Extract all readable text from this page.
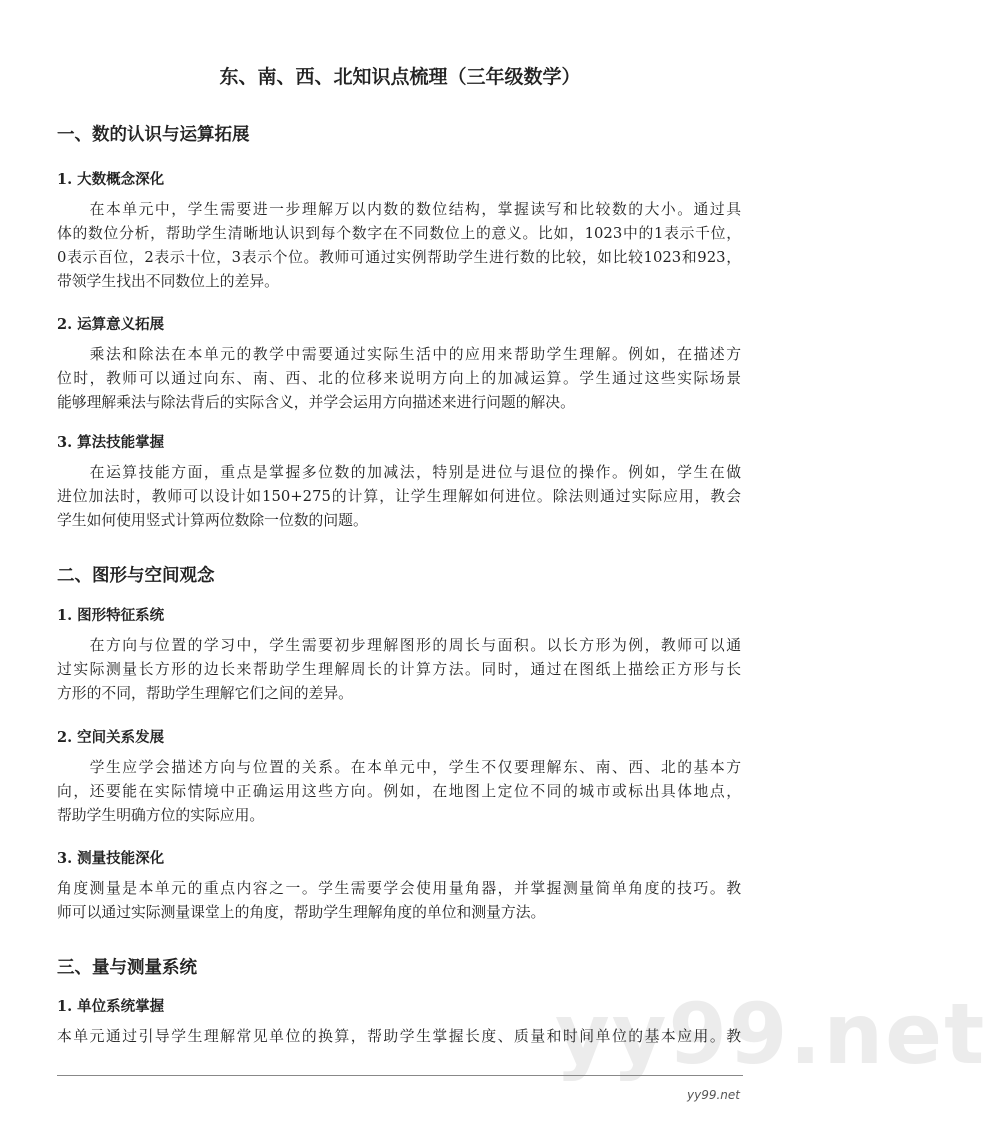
yy99.net
东、南、西、北知识点梳理（三年级数学）
一、数的认识与运算拓展
1. 大数概念深化
　　在本单元中，学生需要进一步理解万以内数的数位结构，掌握读写和比较数的大小。通过具
体的数位分析，帮助学生清晰地认识到每个数字在不同数位上的意义。比如，1023中的1表示千位，
0表示百位，2表示十位，3表示个位。教师可通过实例帮助学生进行数的比较，如比较1023和923，
带领学生找出不同数位上的差异。
2. 运算意义拓展
　　乘法和除法在本单元的教学中需要通过实际生活中的应用来帮助学生理解。例如，在描述方
位时，教师可以通过向东、南、西、北的位移来说明方向上的加减运算。学生通过这些实际场景
能够理解乘法与除法背后的实际含义，并学会运用方向描述来进行问题的解决。
3. 算法技能掌握
　　在运算技能方面，重点是掌握多位数的加减法，特别是进位与退位的操作。例如，学生在做
进位加法时，教师可以设计如150+275的计算，让学生理解如何进位。除法则通过实际应用，教会
学生如何使用竖式计算两位数除一位数的问题。
二、图形与空间观念
1. 图形特征系统
　　在方向与位置的学习中，学生需要初步理解图形的周长与面积。以长方形为例，教师可以通
过实际测量长方形的边长来帮助学生理解周长的计算方法。同时，通过在图纸上描绘正方形与长
方形的不同，帮助学生理解它们之间的差异。
2. 空间关系发展
　　学生应学会描述方向与位置的关系。在本单元中，学生不仅要理解东、南、西、北的基本方
向，还要能在实际情境中正确运用这些方向。例如，在地图上定位不同的城市或标出具体地点，
帮助学生明确方位的实际应用。
3. 测量技能深化
角度测量是本单元的重点内容之一。学生需要学会使用量角器，并掌握测量简单角度的技巧。教
师可以通过实际测量课堂上的角度，帮助学生理解角度的单位和测量方法。
三、量与测量系统
1. 单位系统掌握
本单元通过引导学生理解常见单位的换算，帮助学生掌握长度、质量和时间单位的基本应用。教
yy99.net
